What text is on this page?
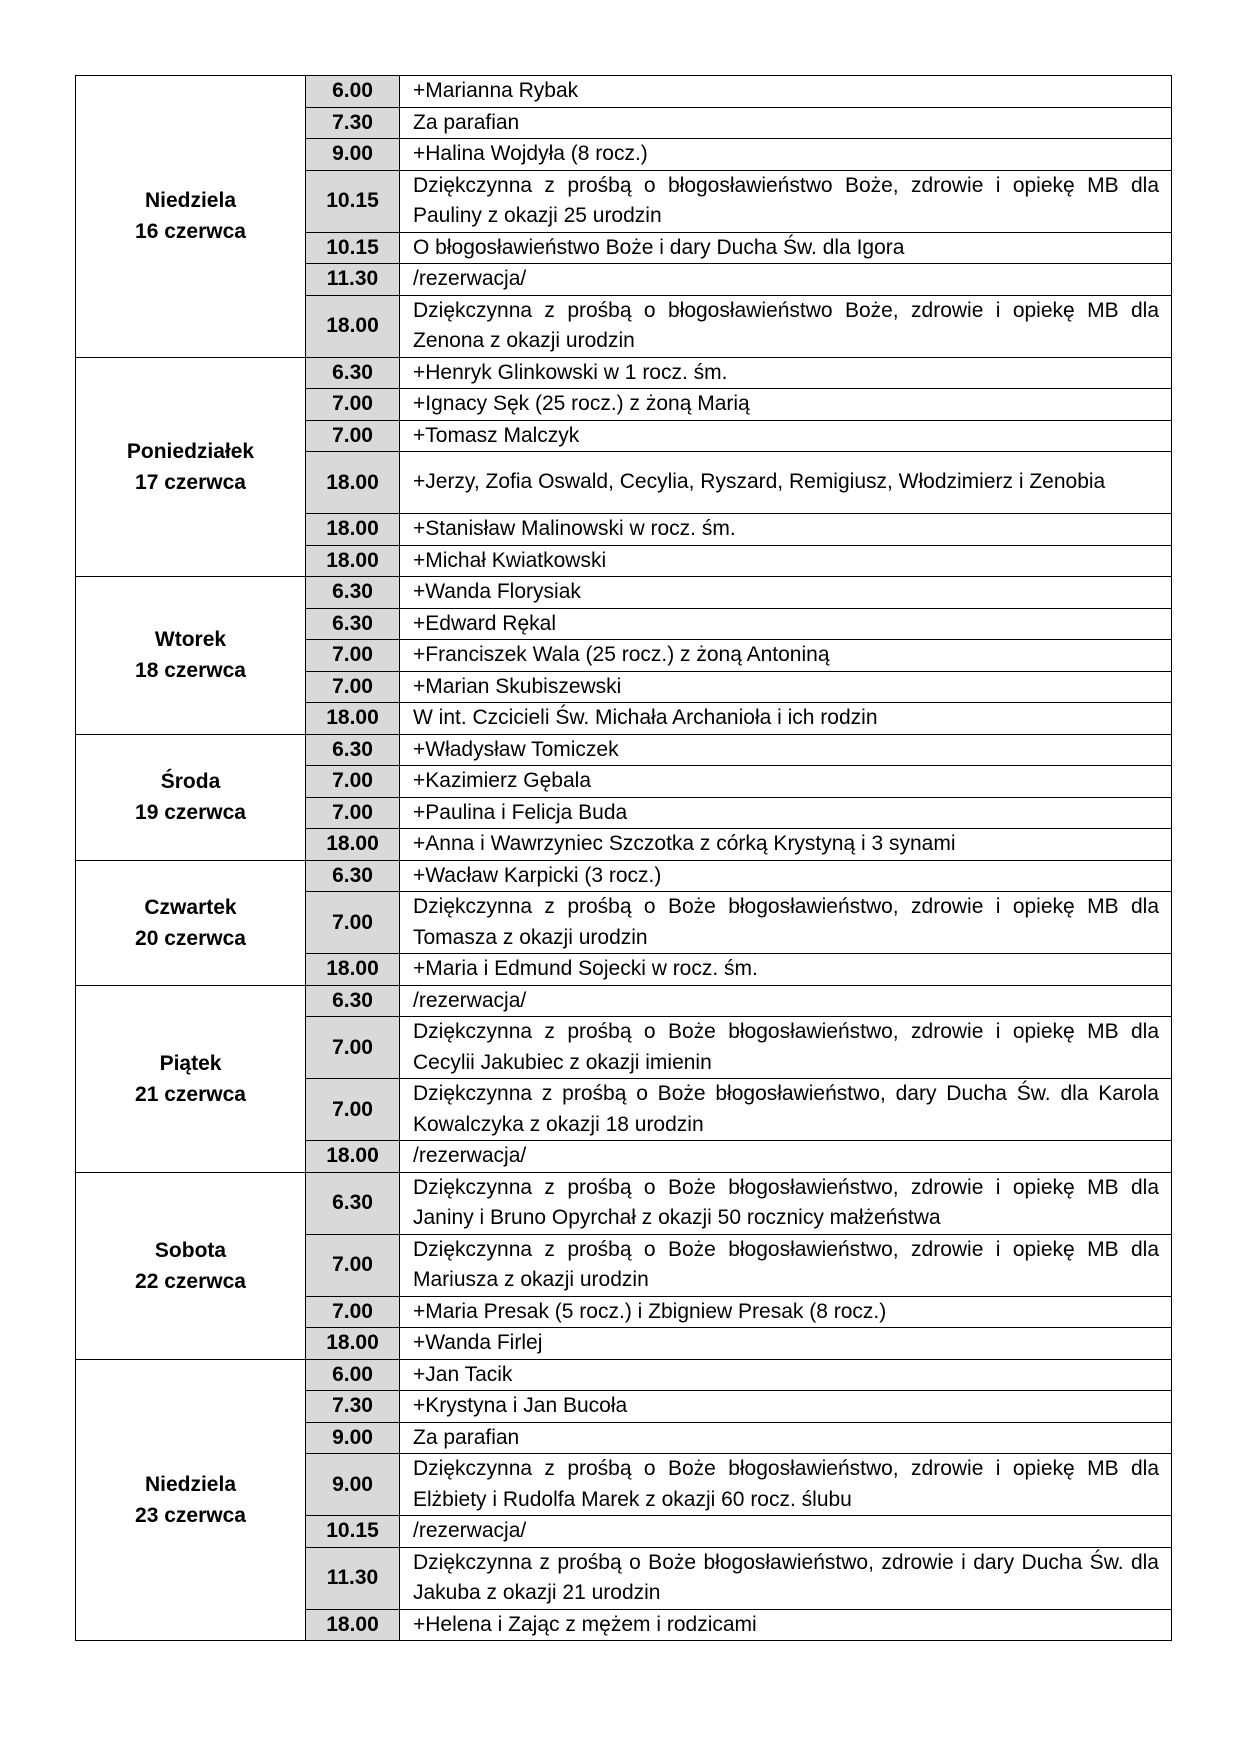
Niedziela
16 czerwca	6.00	+Marianna Rybak
	7.30	Za parafian
	9.00	+Halina Wojdyła (8 rocz.)
	10.15	Dziękczynna z prośbą o błogosławieństwo Boże, zdrowie i opiekę MB dla Pauliny z okazji 25 urodzin
	10.15	O błogosławieństwo Boże i dary Ducha Św. dla Igora
	11.30	/rezerwacja/
	18.00	Dziękczynna z prośbą o błogosławieństwo Boże, zdrowie i opiekę MB dla Zenona z okazji urodzin

Poniedziałek
17 czerwca	6.30	+Henryk Glinkowski w 1 rocz. śm.
	7.00	+Ignacy Sęk (25 rocz.) z żoną Marią
	7.00	+Tomasz Malczyk
	18.00	+Jerzy, Zofia Oswald, Cecylia, Ryszard, Remigiusz, Włodzimierz i Zenobia
	18.00	+Stanisław Malinowski w rocz. śm.
	18.00	+Michał Kwiatkowski

Wtorek
18 czerwca	6.30	+Wanda Florysiak
	6.30	+Edward Rękal
	7.00	+Franciszek Wala (25 rocz.) z żoną Antoniną
	7.00	+Marian Skubiszewski
	18.00	W int. Czcicieli Św. Michała Archanioła i ich rodzin

Środa
19 czerwca	6.30	+Władysław Tomiczek
	7.00	+Kazimierz Gębala
	7.00	+Paulina i Felicja Buda
	18.00	+Anna i Wawrzyniec Szczotka z córką Krystyną i 3 synami

Czwartek
20 czerwca	6.30	+Wacław Karpicki (3 rocz.)
	7.00	Dziękczynna z prośbą o Boże błogosławieństwo, zdrowie i opiekę MB dla Tomasza z okazji urodzin
	18.00	+Maria i Edmund Sojecki w rocz. śm.

Piątek
21 czerwca	6.30	/rezerwacja/
	7.00	Dziękczynna z prośbą o Boże błogosławieństwo, zdrowie i opiekę MB dla Cecylii Jakubiec z okazji imienin
	7.00	Dziękczynna z prośbą o Boże błogosławieństwo, dary Ducha Św. dla Karola Kowalczyka z okazji 18 urodzin
	18.00	/rezerwacja/

Sobota
22 czerwca	6.30	Dziękczynna z prośbą o Boże błogosławieństwo, zdrowie i opiekę MB dla Janiny i Bruno Opyrchał z okazji 50 rocznicy małżeństwa
	7.00	Dziękczynna z prośbą o Boże błogosławieństwo, zdrowie i opiekę MB dla Mariusza z okazji urodzin
	7.00	+Maria Presak (5 rocz.) i Zbigniew Presak (8 rocz.)
	18.00	+Wanda Firlej

Niedziela
23 czerwca	6.00	+Jan Tacik
	7.30	+Krystyna i Jan Bucoła
	9.00	Za parafian
	9.00	Dziękczynna z prośbą o Boże błogosławieństwo, zdrowie i opiekę MB dla Elżbiety i Rudolfa Marek z okazji 60 rocz. ślubu
	10.15	/rezerwacja/
	11.30	Dziękczynna z prośbą o Boże błogosławieństwo, zdrowie i dary Ducha Św. dla Jakuba z okazji 21 urodzin
	18.00	+Helena i Zając z mężem i rodzicami
